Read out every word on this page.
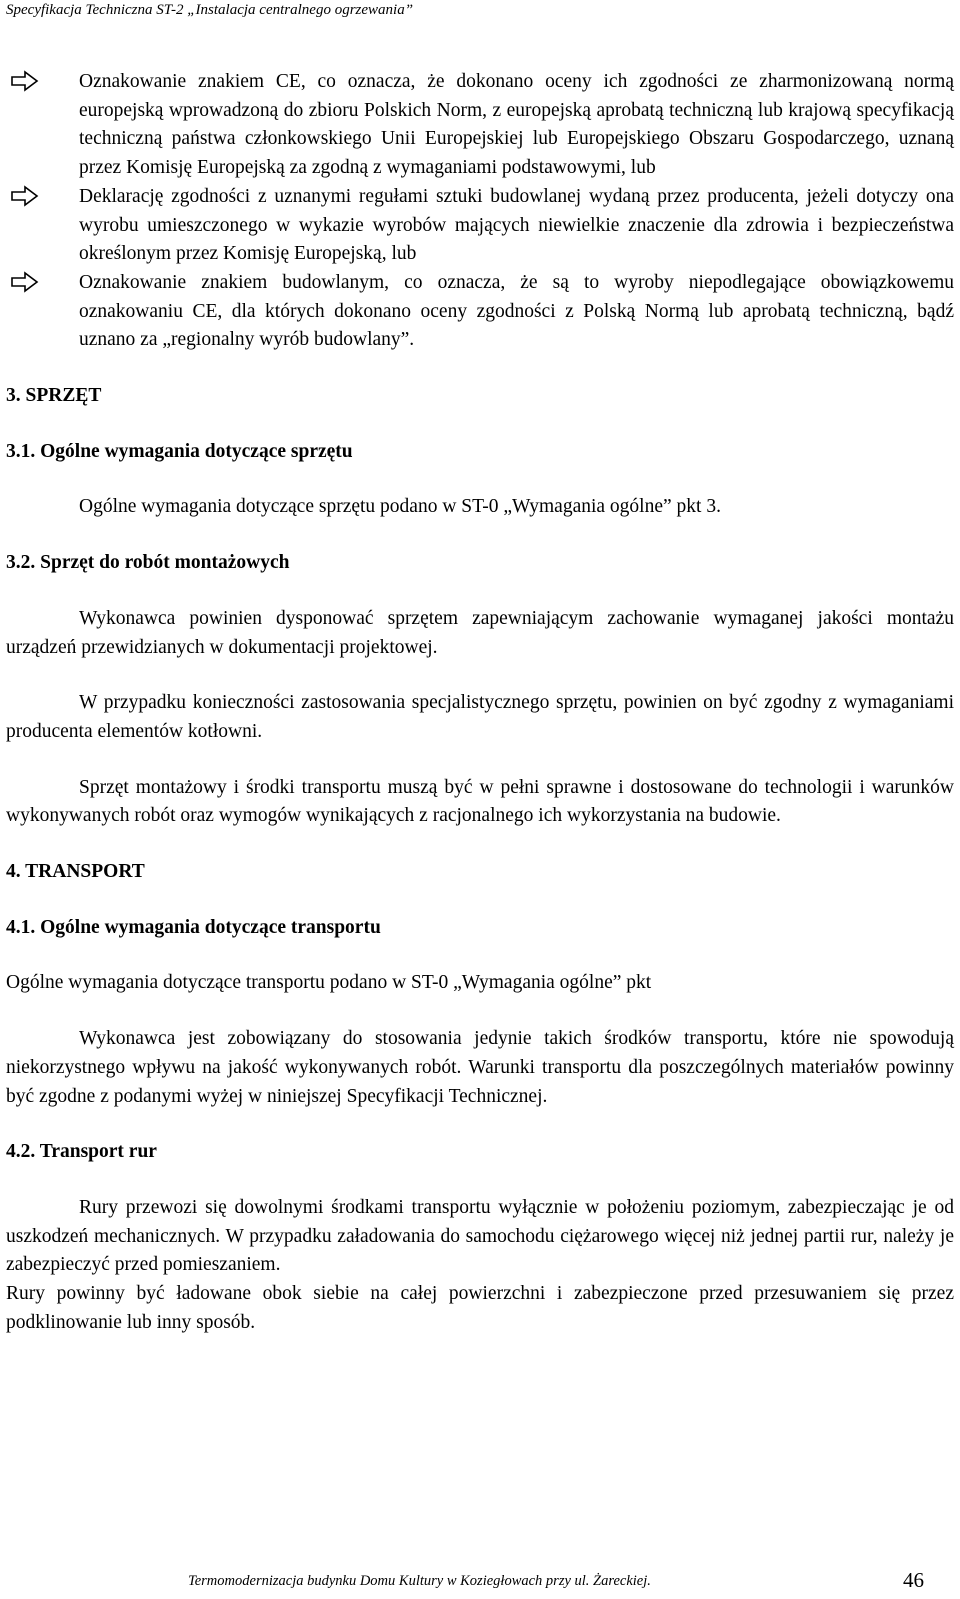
Specyfikacja Techniczna ST-2 „Instalacja centralnego ogrzewania”
Oznakowanie znakiem CE, co oznacza, że dokonano oceny ich zgodności ze zharmonizowaną normą europejską wprowadzoną do zbioru Polskich Norm, z europejską aprobatą techniczną lub krajową specyfikacją techniczną państwa członkowskiego Unii Europejskiej lub Europejskiego Obszaru Gospodarczego, uznaną przez Komisję Europejską za zgodną z wymaganiami podstawowymi, lub
Deklarację zgodności z uznanymi regułami sztuki budowlanej wydaną przez producenta, jeżeli dotyczy ona wyrobu umieszczonego w wykazie wyrobów mających niewielkie znaczenie dla zdrowia i bezpieczeństwa określonym przez Komisję Europejską, lub
Oznakowanie znakiem budowlanym, co oznacza, że są to wyroby niepodlegające obowiązkowemu oznakowaniu CE, dla których dokonano oceny zgodności z Polską Normą lub aprobatą techniczną, bądź uznano za „regionalny wyrób budowlany”.
3. SPRZĘT
3.1. Ogólne wymagania dotyczące sprzętu
Ogólne wymagania dotyczące sprzętu podano w ST-0 „Wymagania ogólne” pkt 3.
3.2. Sprzęt do robót montażowych
Wykonawca powinien dysponować sprzętem zapewniającym zachowanie wymaganej jakości montażu urządzeń przewidzianych w dokumentacji projektowej.
W przypadku konieczności zastosowania specjalistycznego sprzętu, powinien on być zgodny z wymaganiami producenta elementów kotłowni.
Sprzęt montażowy i środki transportu muszą być w pełni sprawne i dostosowane do technologii i warunków wykonywanych robót oraz wymogów wynikających z racjonalnego ich wykorzystania na budowie.
4. TRANSPORT
4.1. Ogólne wymagania dotyczące transportu
Ogólne wymagania dotyczące transportu podano w ST-0 „Wymagania ogólne” pkt
Wykonawca jest zobowiązany do stosowania jedynie takich środków transportu, które nie spowodują niekorzystnego wpływu na jakość wykonywanych robót. Warunki transportu dla poszczególnych materiałów powinny być zgodne z podanymi wyżej w niniejszej Specyfikacji Technicznej.
4.2. Transport rur
Rury przewozi się dowolnymi środkami transportu wyłącznie w położeniu poziomym, zabezpieczając je od uszkodzeń mechanicznych. W przypadku załadowania do samochodu ciężarowego więcej niż jednej partii rur, należy je zabezpieczyć przed pomieszaniem.
Rury powinny być ładowane obok siebie na całej powierzchni i zabezpieczone przed przesuwaniem się przez podklinowanie lub inny sposób.
Termomodernizacja budynku Domu Kultury w Koziegłowach przy ul. Żareckiej.	46
